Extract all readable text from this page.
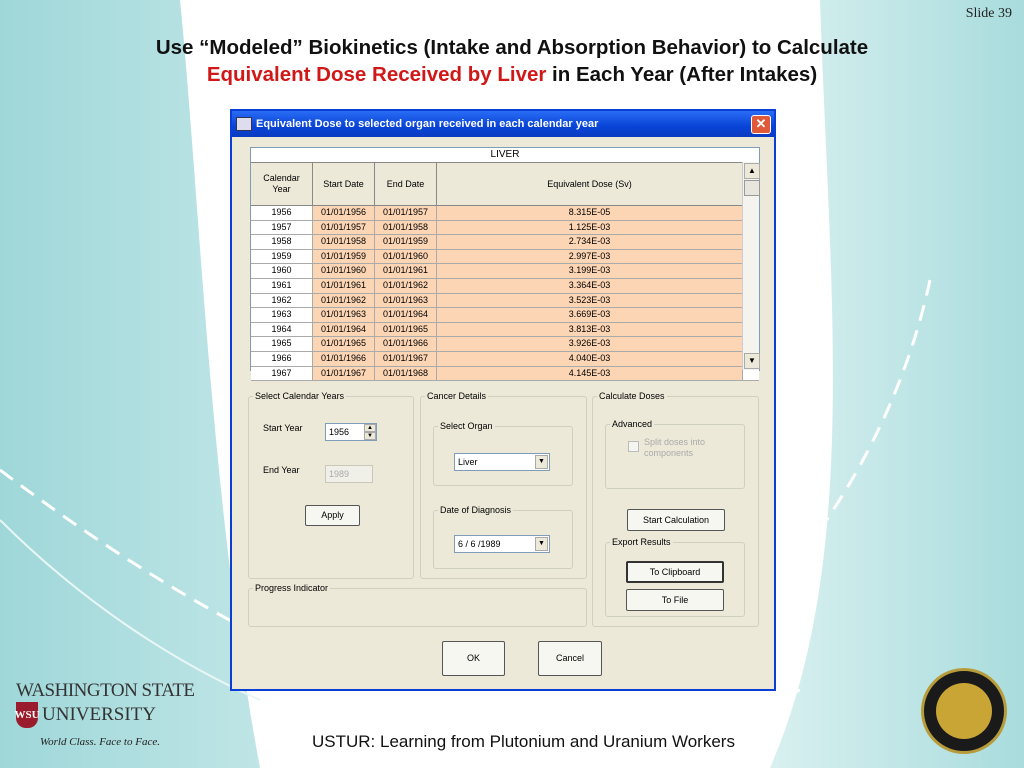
Slide 39
Use “Modeled” Biokinetics (Intake and Absorption Behavior) to Calculate
Equivalent Dose Received by Liver in Each Year (After Intakes)
Equivalent Dose to selected organ received in each calendar year	✕
LIVER
Calendar
Year
Start Date	End Date	Equivalent Dose (Sv)
1956	01/01/1956	01/01/1957	8.315E-05
1957	01/01/1957	01/01/1958	1.125E-03
1958	01/01/1958	01/01/1959	2.734E-03
1959	01/01/1959	01/01/1960	2.997E-03
1960	01/01/1960	01/01/1961	3.199E-03
1961	01/01/1961	01/01/1962	3.364E-03
1962	01/01/1962	01/01/1963	3.523E-03
1963	01/01/1963	01/01/1964	3.669E-03
1964	01/01/1964	01/01/1965	3.813E-03
1965	01/01/1965	01/01/1966	3.926E-03
1966	01/01/1966	01/01/1967	4.040E-03
1967	01/01/1967	01/01/1968	4.145E-03
▲
▼
Select Calendar Years
Start Year	1956	▲
▼
End Year	1989
Apply
Cancer Details
Select Organ
Liver	▼
Date of Diagnosis
6 / 6 /1989	▼
Calculate Doses
Advanced
Split doses into components
Start Calculation
Export Results
To Clipboard
To File
Progress Indicator
OK	Cancel
WASHINGTON STATE
WSU UNIVERSITY
World Class. Face to Face.	USTUR: Learning from Plutonium and Uranium Workers
